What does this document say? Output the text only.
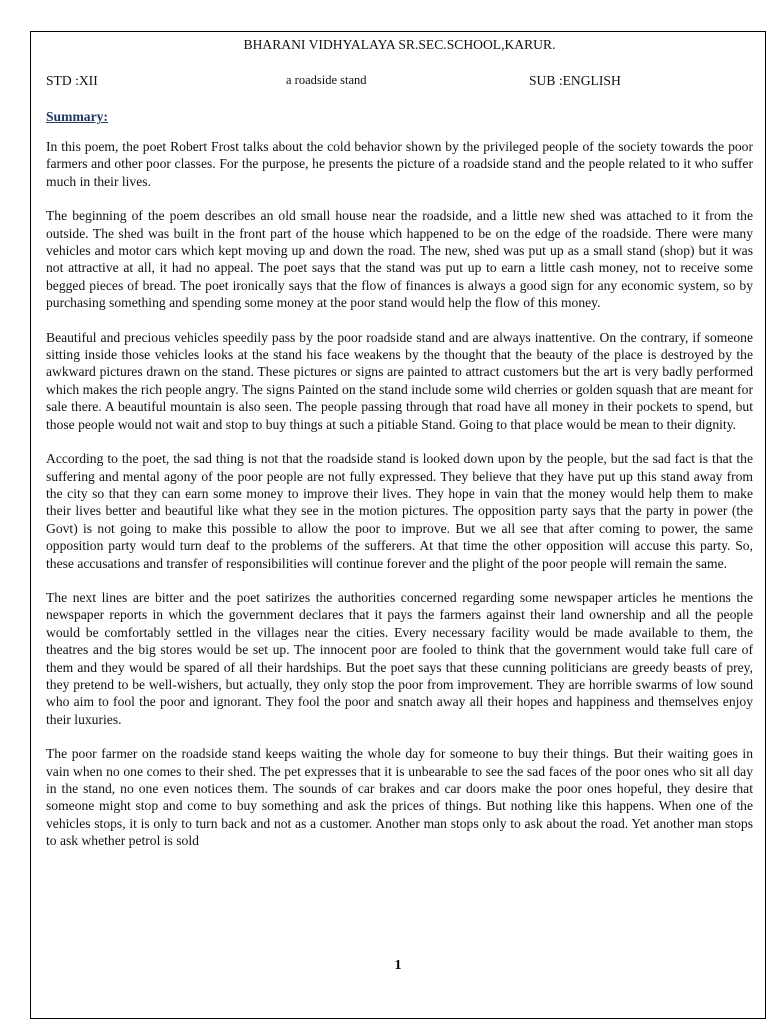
BHARANI VIDHYALAYA SR.SEC.SCHOOL,KARUR.

STD :XII	a roadside stand	SUB :ENGLISH
Summary:

In this poem, the poet Robert Frost talks about the cold behavior shown by the privileged people of the society towards the poor farmers and other poor classes. For the purpose, he presents the picture of a roadside stand and the people related to it who suffer much in their lives.

The beginning of the poem describes an old small house near the roadside, and a little new shed was attached to it from the outside. The shed was built in the front part of the house which happened to be on the edge of the roadside. There were many vehicles and motor cars which kept moving up and down the road. The new, shed was put up as a small stand (shop) but it was not attractive at all, it had no appeal. The poet says that the stand was put up to earn a little cash money, not to receive some begged pieces of bread. The poet ironically says that the flow of finances is always a good sign for any economic system, so by purchasing something and spending some money at the poor stand would help the flow of this money.

Beautiful and precious vehicles speedily pass by the poor roadside stand and are always inattentive. On the contrary, if someone sitting inside those vehicles looks at the stand his face weakens by the thought that the beauty of the place is destroyed by the awkward pictures drawn on the stand. These pictures or signs are painted to attract customers but the art is very badly performed which makes the rich people angry. The signs Painted on the stand include some wild cherries or golden squash that are meant for sale there. A beautiful mountain is also seen. The people passing through that road have all money in their pockets to spend, but those people would not wait and stop to buy things at such a pitiable Stand. Going to that place would be mean to their dignity.

According to the poet, the sad thing is not that the roadside stand is looked down upon by the people, but the sad fact is that the suffering and mental agony of the poor people are not fully expressed. They believe that they have put up this stand away from the city so that they can earn some money to improve their lives. They hope in vain that the money would help them to make their lives better and beautiful like what they see in the motion pictures. The opposition party says that the party in power (the Govt) is not going to make this possible to allow the poor to improve. But we all see that after coming to power, the same opposition party would turn deaf to the problems of the sufferers. At that time the other opposition will accuse this party. So, these accusations and transfer of responsibilities will continue forever and the plight of the poor people will remain the same.

The next lines are bitter and the poet satirizes the authorities concerned regarding some newspaper articles he mentions the newspaper reports in which the government declares that it pays the farmers against their land ownership and all the people would be comfortably settled in the villages near the cities. Every necessary facility would be made available to them, the theatres and the big stores would be set up. The innocent poor are fooled to think that the government would take full care of them and they would be spared of all their hardships. But the poet says that these cunning politicians are greedy beasts of prey, they pretend to be well-wishers, but actually, they only stop the poor from improvement. They are horrible swarms of low sound who aim to fool the poor and ignorant. They fool the poor and snatch away all their hopes and happiness and themselves enjoy their luxuries.

The poor farmer on the roadside stand keeps waiting the whole day for someone to buy their things. But their waiting goes in vain when no one comes to their shed. The pet expresses that it is unbearable to see the sad faces of the poor ones who sit all day in the stand, no one even notices them. The sounds of car brakes and car doors make the poor ones hopeful, they desire that someone might stop and come to buy something and ask the prices of things. But nothing like this happens. When one of the vehicles stops, it is only to turn back and not as a customer. Another man stops only to ask about the road. Yet another man stops to ask whether petrol is sold

1
